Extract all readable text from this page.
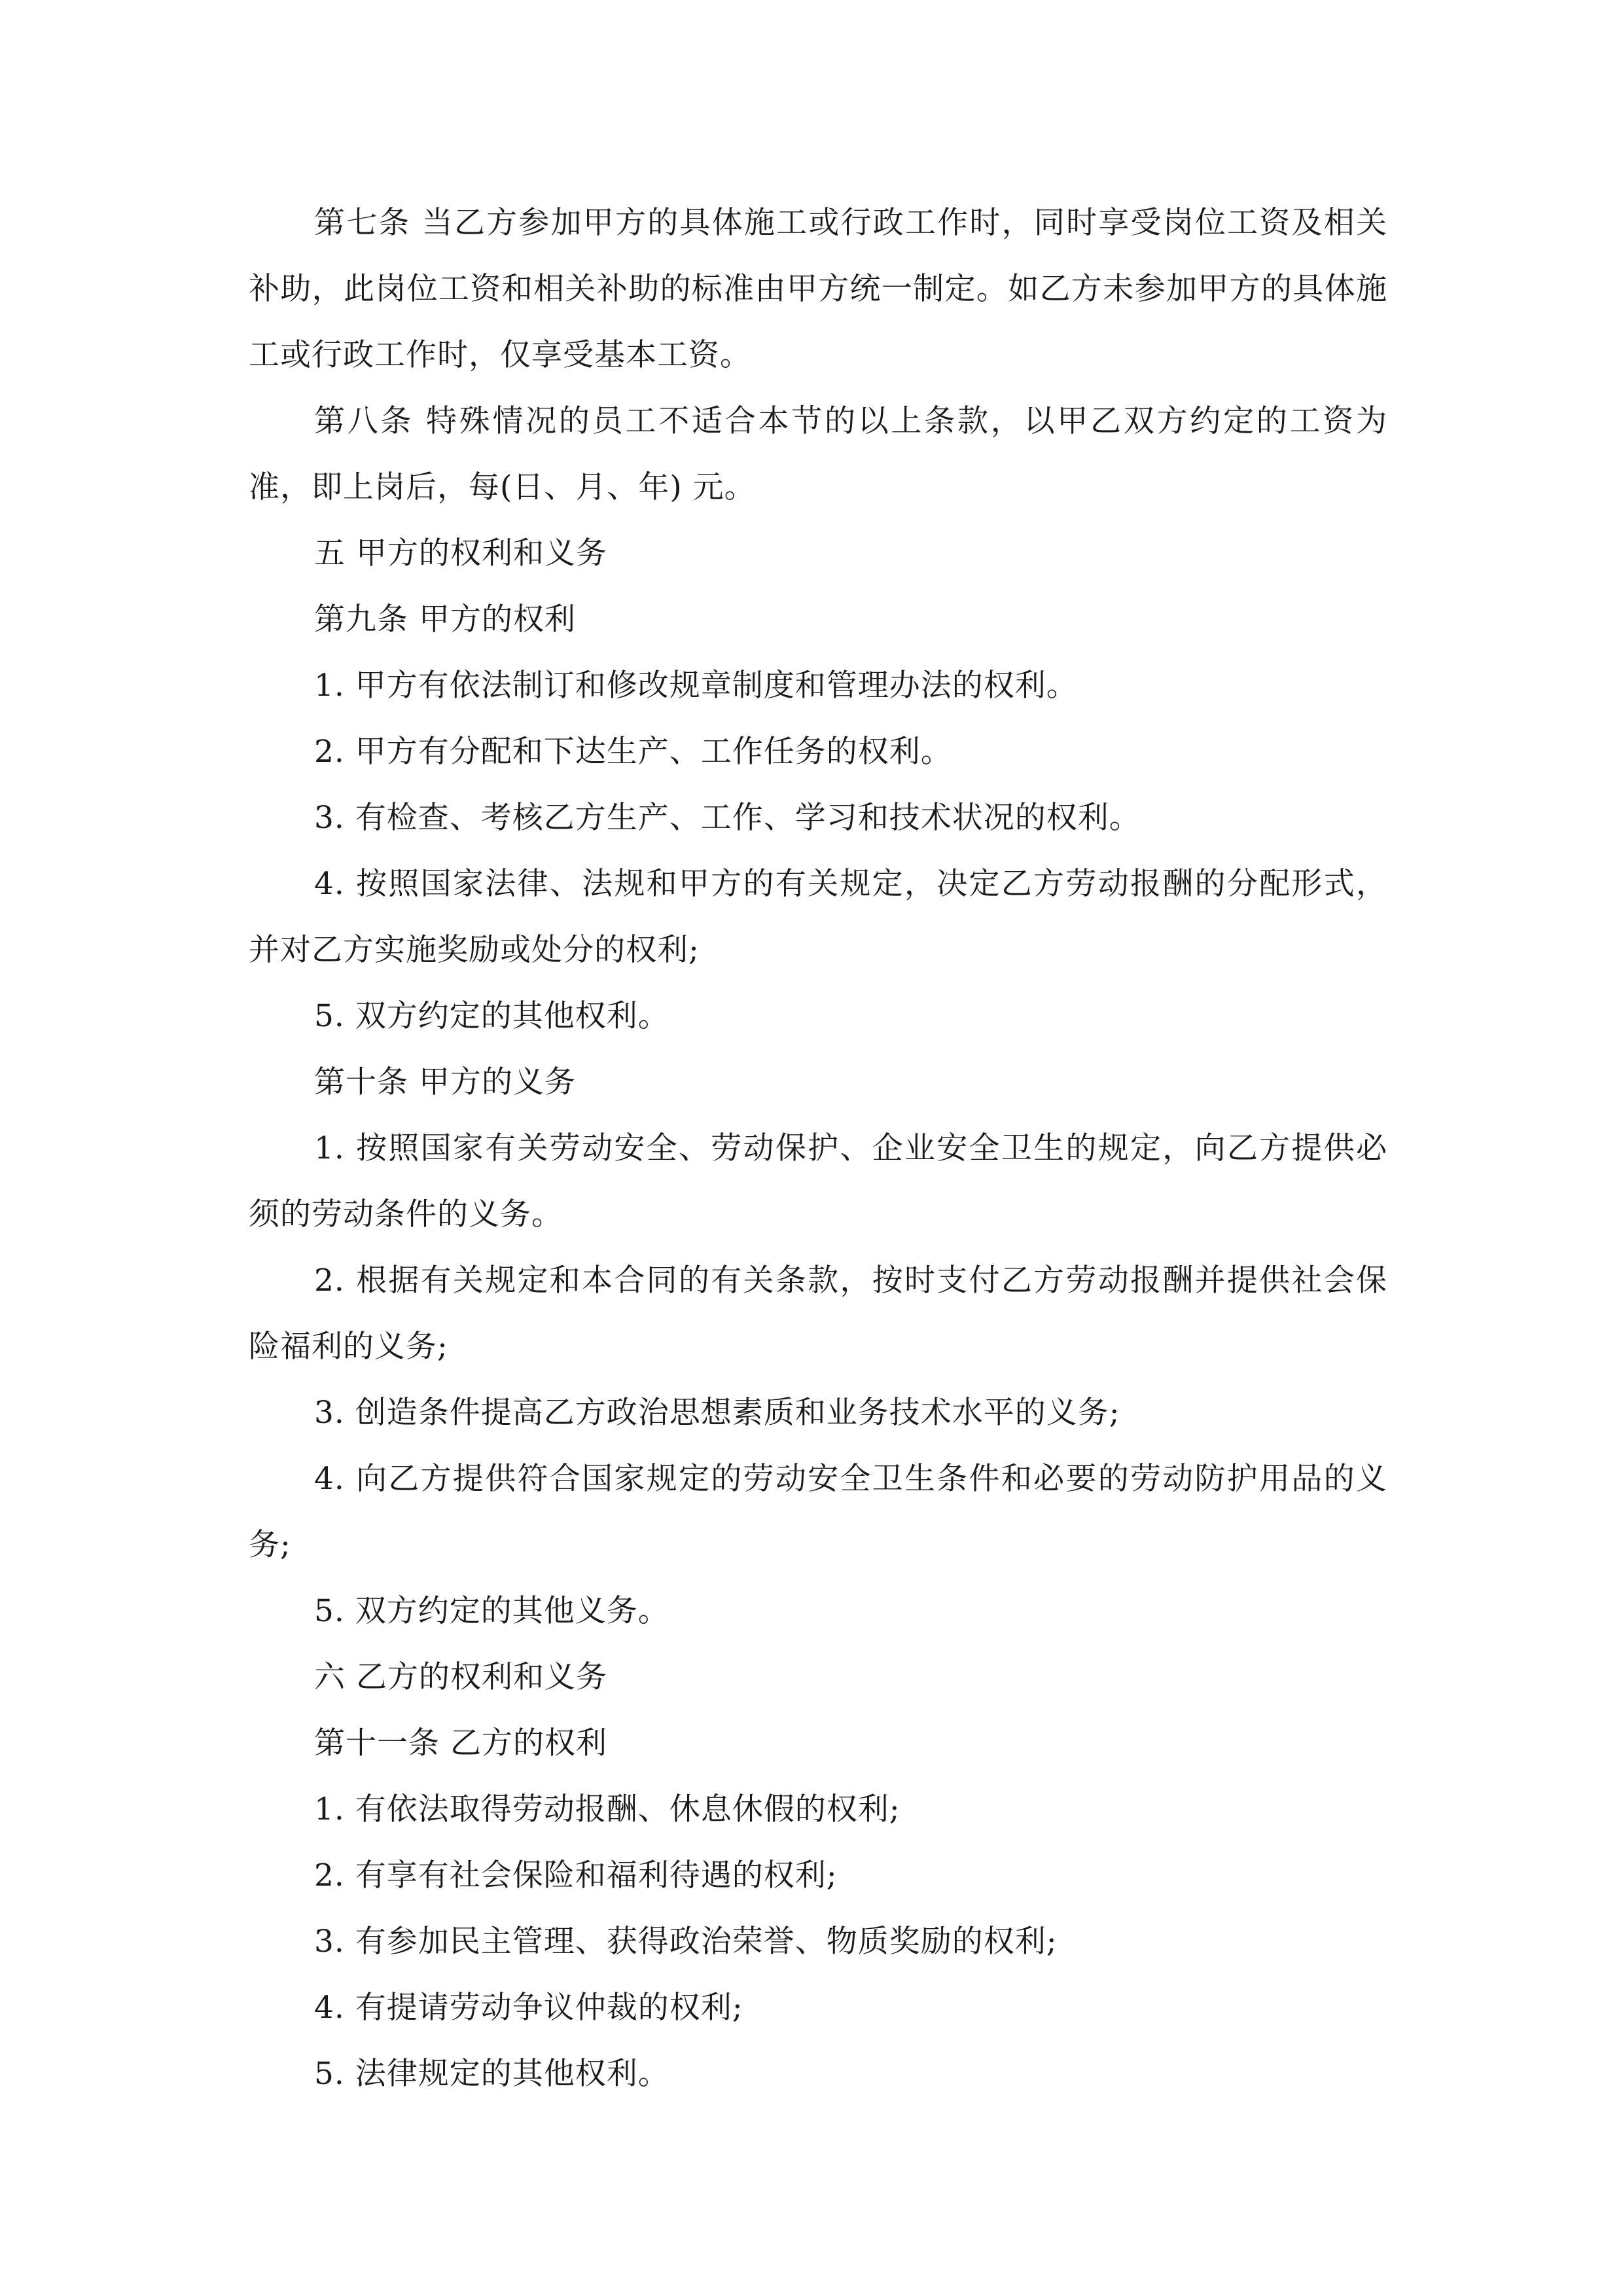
第七条 当乙方参加甲方的具体施工或行政工作时，同时享受岗位工资及相关补助，此岗位工资和相关补助的标准由甲方统一制定。如乙方未参加甲方的具体施工或行政工作时，仅享受基本工资。

第八条 特殊情况的员工不适合本节的以上条款，以甲乙双方约定的工资为准，即上岗后，每(日、月、年) 元。

五 甲方的权利和义务

第九条 甲方的权利

1. 甲方有依法制订和修改规章制度和管理办法的权利。

2. 甲方有分配和下达生产、工作任务的权利。

3. 有检查、考核乙方生产、工作、学习和技术状况的权利。

4. 按照国家法律、法规和甲方的有关规定，决定乙方劳动报酬的分配形式，并对乙方实施奖励或处分的权利;

5. 双方约定的其他权利。

第十条 甲方的义务

1. 按照国家有关劳动安全、劳动保护、企业安全卫生的规定，向乙方提供必须的劳动条件的义务。

2. 根据有关规定和本合同的有关条款，按时支付乙方劳动报酬并提供社会保险福利的义务;

3. 创造条件提高乙方政治思想素质和业务技术水平的义务;

4. 向乙方提供符合国家规定的劳动安全卫生条件和必要的劳动防护用品的义务;

5. 双方约定的其他义务。

六 乙方的权利和义务

第十一条 乙方的权利

1. 有依法取得劳动报酬、休息休假的权利;

2. 有享有社会保险和福利待遇的权利;

3. 有参加民主管理、获得政治荣誉、物质奖励的权利;

4. 有提请劳动争议仲裁的权利;

5. 法律规定的其他权利。
